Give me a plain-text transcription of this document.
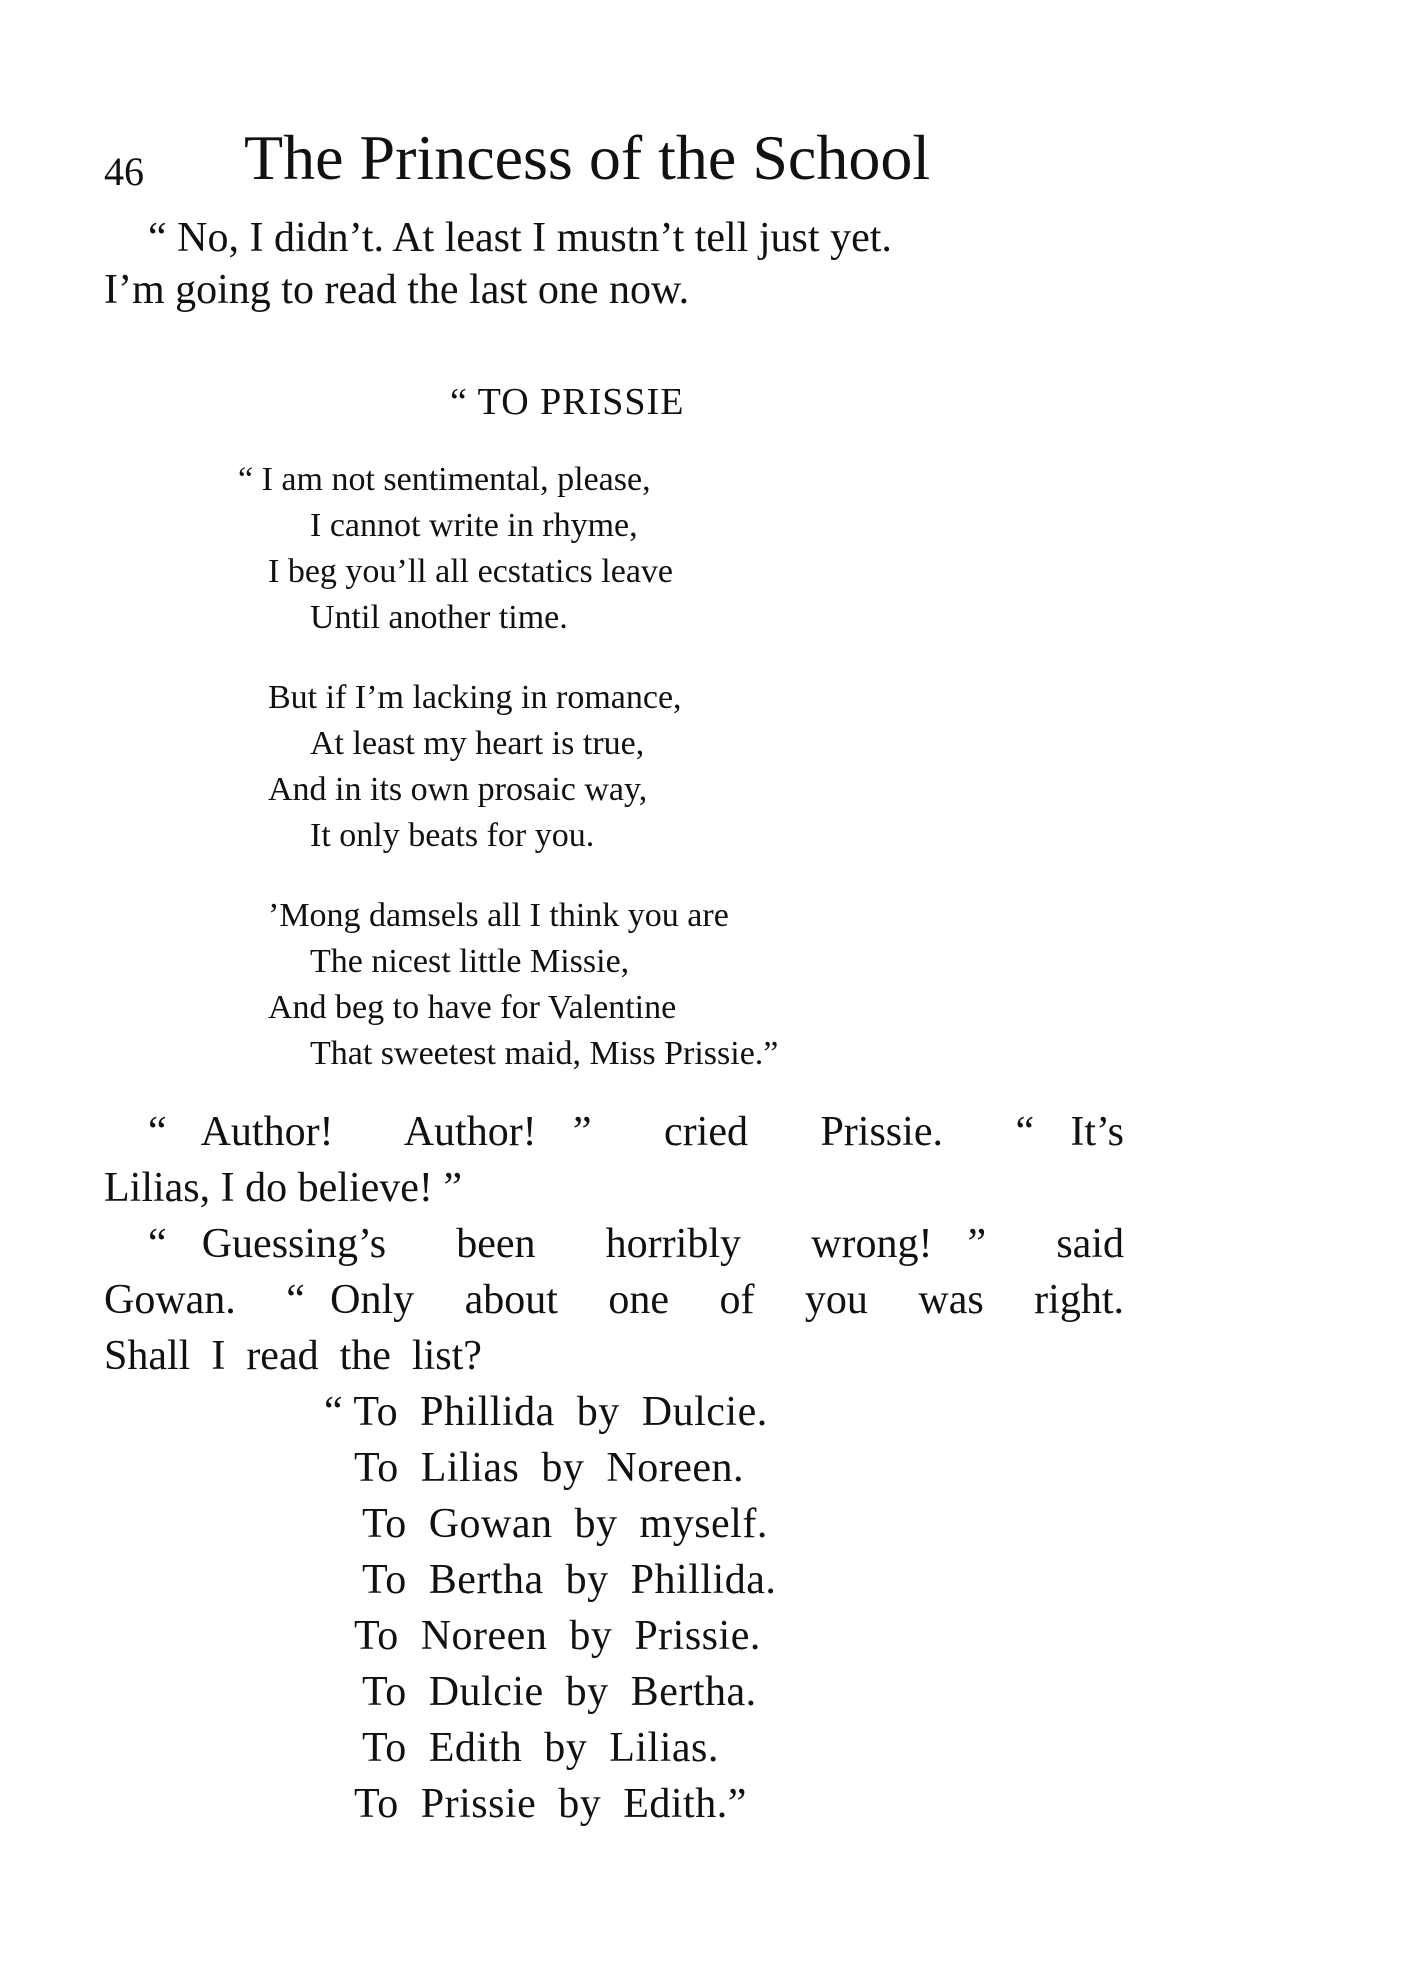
46 The Princess of the School
“ No, I didn’t. At least I mustn’t tell just yet.
I’m going to read the last one now.
“ TO PRISSIE
“ I am not sentimental, please,
I cannot write in rhyme,
I beg you’ll all ecstatics leave
Until another time.
But if I’m lacking in romance,
At least my heart is true,
And in its own prosaic way,
It only beats for you.
’Mong damsels all I think you are
The nicest little Missie,
And beg to have for Valentine
That sweetest maid, Miss Prissie.”
“ Author!  Author! ”  cried  Prissie.  “ It’s
Lilias, I do believe! ”
“ Guessing’s  been  horribly  wrong! ”  said
Gowan.  “ Only  about  one  of  you  was  right.
Shall  I  read  the  list?
“ To  Phillida  by  Dulcie.
To  Lilias  by  Noreen.
To  Gowan  by  myself.
To  Bertha  by  Phillida.
To  Noreen  by  Prissie.
To  Dulcie  by  Bertha.
To  Edith  by  Lilias.
To  Prissie  by  Edith.”
